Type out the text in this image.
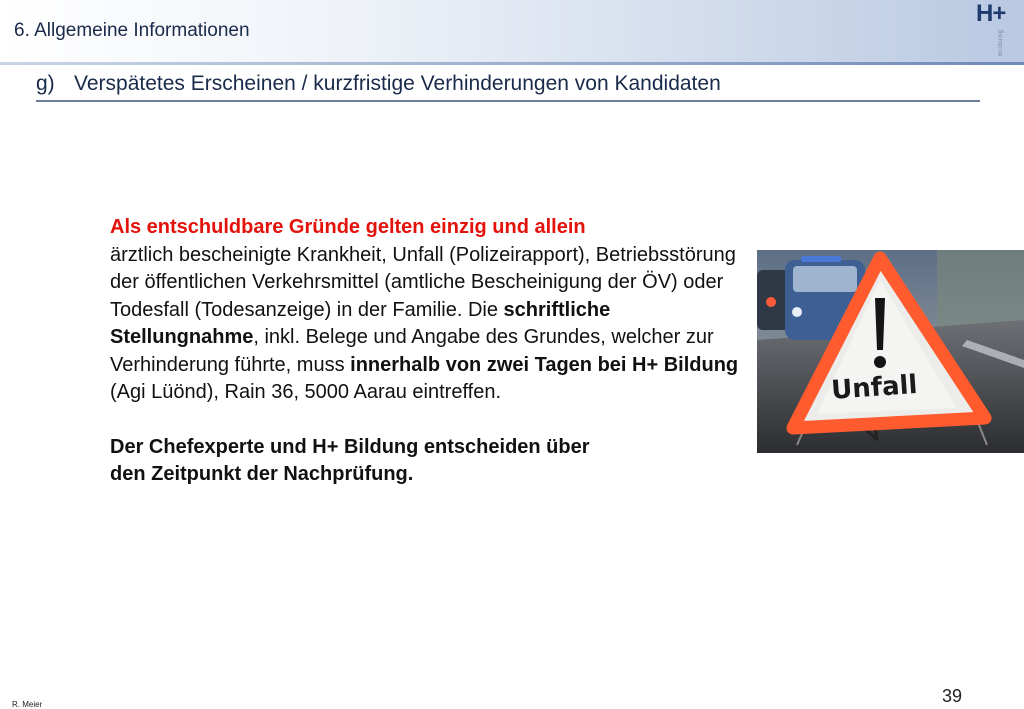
6. Allgemeine Informationen
H+
Bildung
g) Verspätetes Erscheinen / kurzfristige Verhinderungen von Kandidaten

Als entschuldbare Gründe gelten einzig und allein
ärztlich bescheinigte Krankheit, Unfall (Polizeirapport), Betriebsstörung der öffentlichen Verkehrsmittel (amtliche Bescheinigung der ÖV) oder Todesfall (Todesanzeige) in der Familie. Die schriftliche Stellungnahme, inkl. Belege und Angabe des Grundes, welcher zur Verhinderung führte, muss innerhalb von zwei Tagen bei H+ Bildung
(Agi Lüönd), Rain 36, 5000 Aarau eintreffen.

Der Chefexperte und H+ Bildung entscheiden über
den Zeitpunkt der Nachprüfung.

Unfall
R. Meier	39
